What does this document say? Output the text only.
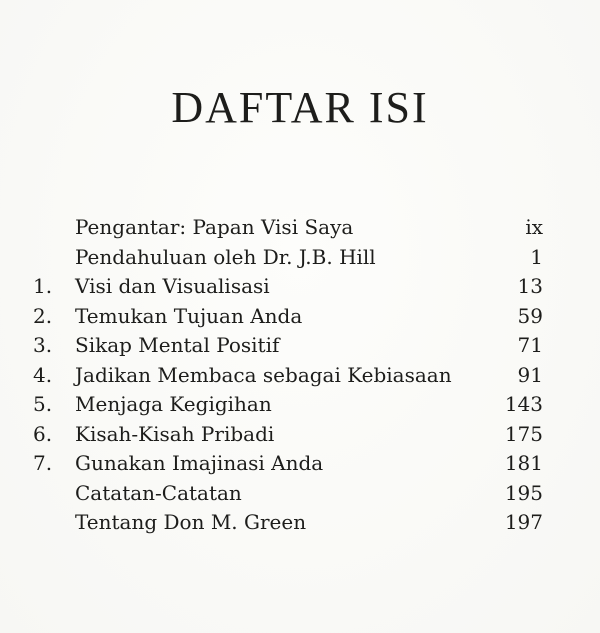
DAFTAR ISI
Pengantar: Papan Visi Saya	ix
Pendahuluan oleh Dr. J.B. Hill	1
1. Visi dan Visualisasi	13
2. Temukan Tujuan Anda	59
3. Sikap Mental Positif	71
4. Jadikan Membaca sebagai Kebiasaan	91
5. Menjaga Kegigihan	143
6. Kisah-Kisah Pribadi	175
7. Gunakan Imajinasi Anda	181
Catatan-Catatan	195
Tentang Don M. Green	197
